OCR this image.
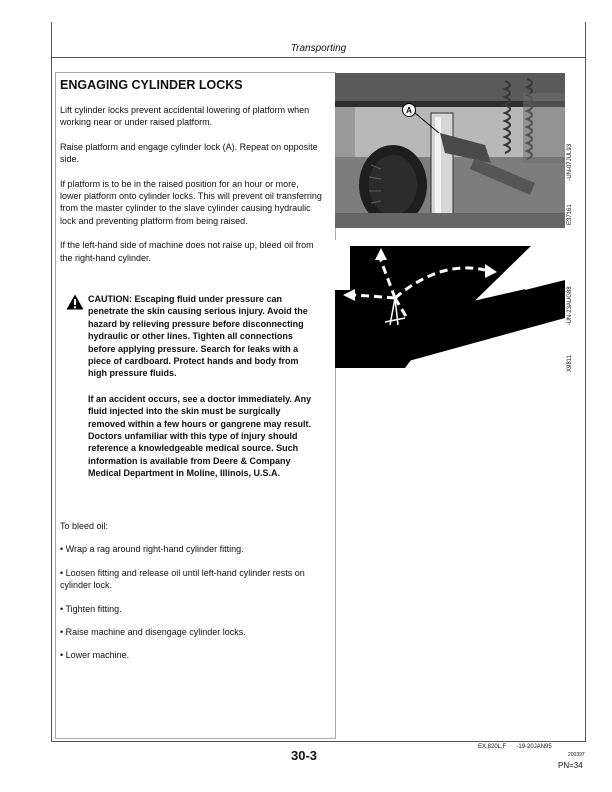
Transporting
ENGAGING CYLINDER LOCKS

Lift cylinder locks prevent accidental lowering of platform when working near or under raised platform.

Raise platform and engage cylinder lock (A). Repeat on opposite side.

If platform is to be in the raised position for an hour or more, lower platform onto cylinder locks. This will prevent oil transferring from the master cylinder to the slave cylinder causing hydraulic lock and preventing platform from being raised.

If the left-hand side of machine does not raise up, bleed oil from the right-hand cylinder.

CAUTION: Escaping fluid under pressure can penetrate the skin causing serious injury. Avoid the hazard by relieving pressure before disconnecting hydraulic or other lines. Tighten all connections before applying pressure. Search for leaks with a piece of cardboard. Protect hands and body from high pressure fluids.

If an accident occurs, see a doctor immediately. Any fluid injected into the skin must be surgically removed within a few hours or gangrene may result. Doctors unfamiliar with this type of injury should reference a knowledgeable medical source. Such information is available from Deere & Company Medical Department in Moline, Illinois, U.S.A.

To bleed oil:

• Wrap a rag around right-hand cylinder fitting.

• Loosen fitting and release oil until left-hand cylinder rests on cylinder lock.

• Tighten fitting.

• Raise machine and disengage cylinder locks.

• Lower machine.

A
E37161 -UN-07JUL93
X9811 -UN-23AUG88
EX,820L,F -19-20JAN95
30-3	200397
PN=34
